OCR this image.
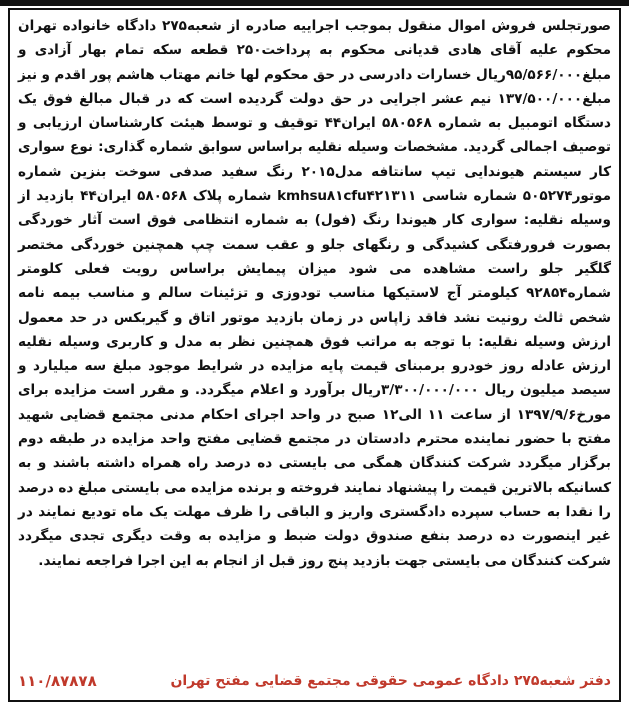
صورتجلس فروش اموال منقول بموجب اجراییه صادره از شعبه۲۷۵ دادگاه خانواده تهران محکوم علیه آقای هادی قدیانی محکوم به پرداخت۲۵۰ قطعه سکه تمام بهار آزادی و مبلغ۹۵/۵۶۶/۰۰۰ریال خسارات دادرسی در حق محکوم لها خانم مهتاب هاشم پور اقدم و نیز مبلغ۱۳۷/۵۰۰/۰۰۰ نیم عشر اجرایی در حق دولت گردیده است که در قبال مبالغ فوق یک دستگاه اتومبیل به شماره ۵۸۰۵۶۸ ایران۴۴ توقیف و توسط هیئت کارشناسان ارزیابی و توصیف اجمالی گردید. مشخصات وسیله نقلیه براساس سوابق شماره گذاری: نوع سواری کار سیستم هیوندایی تیپ سانتافه مدل۲۰۱۵ رنگ سفید صدفی سوخت بنزین شماره موتور۵۰۵۲۷۴ شماره شاسی kmhsu۸۱cfu۴۲۱۳۱۱ شماره پلاک ۵۸۰۵۶۸ ایران۴۴ بازدید از وسیله نقلیه: سواری کار هیوندا رنگ (فول) به شماره انتظامی فوق است آثار خوردگی بصورت فرورفتگی کشیدگی و رنگهای جلو و عقب سمت چپ همچنین خوردگی مختصر گلگیر جلو راست مشاهده می شود میزان پیمایش براساس رویت فعلی کلومتر شماره۹۲۸۵۴ کیلومتر آج لاستیکها مناسب تودوزی و تزئینات سالم و مناسب بیمه نامه شخص ثالث رونیت نشد فاقد زاپاس در زمان بازدید موتور اتاق و گیربکس در حد معمول ارزش وسیله نقلیه: با توجه به مراتب فوق همچنین نظر به مدل و کاربری وسیله نقلیه ارزش عادله روز خودرو برمبنای قیمت پایه مزایده در شرایط موجود مبلغ سه میلیارد و سیصد میلیون ریال ۳/۳۰۰/۰۰۰/۰۰۰ریال برآورد و اعلام میگردد. و مقرر است مزایده برای مورخ۱۳۹۷/۹/۶ از ساعت ۱۱ الی۱۲ صبح در واحد اجرای احکام مدنی مجتمع قضایی شهید مفتح با حضور نماینده محترم دادستان در مجتمع قضایی مفتح واحد مزایده در طبقه دوم برگزار میگردد شرکت کنندگان همگی می بایستی ده درصد راه همراه داشته باشند و به کسانیکه بالاترین قیمت را پیشنهاد نمایند فروخته و برنده مزایده می بایستی مبلغ ده درصد را نقدا به حساب سپرده دادگستری واریز و الباقی را ظرف مهلت یک ماه تودیع نمایند در غیر اینصورت ده درصد بنفع صندوق دولت ضبط و مزایده به وقت دیگری تجدی میگردد شرکت کنندگان می بایستی جهت بازدید پنج روز قبل از انجام به این اجرا فراجعه نمایند.
دفتر شعبه۲۷۵ دادگاه عمومی حقوقی مجتمع قضایی مفتح تهران
۱۱۰/۸۷۸۷۸
